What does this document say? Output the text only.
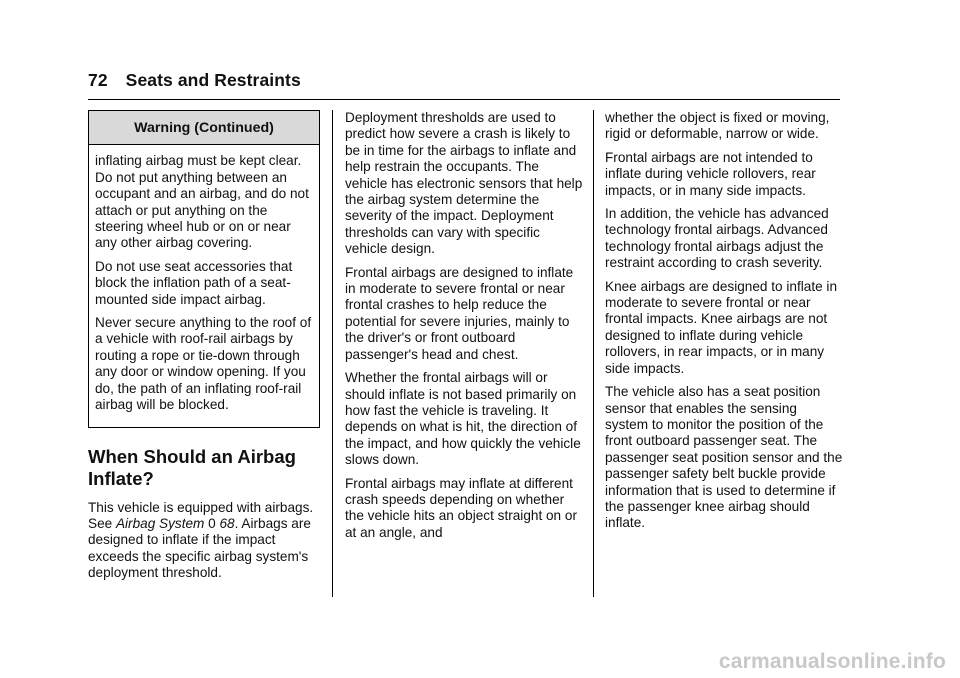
72 Seats and Restraints
Warning (Continued)

inflating airbag must be kept clear. Do not put anything between an occupant and an airbag, and do not attach or put anything on the steering wheel hub or on or near any other airbag covering.

Do not use seat accessories that block the inflation path of a seat-mounted side impact airbag.

Never secure anything to the roof of a vehicle with roof-rail airbags by routing a rope or tie-down through any door or window opening. If you do, the path of an inflating roof-rail airbag will be blocked.

When Should an Airbag Inflate?

This vehicle is equipped with airbags. See Airbag System 0 68. Airbags are designed to inflate if the impact exceeds the specific airbag system's deployment threshold.

Deployment thresholds are used to predict how severe a crash is likely to be in time for the airbags to inflate and help restrain the occupants. The vehicle has electronic sensors that help the airbag system determine the severity of the impact. Deployment thresholds can vary with specific vehicle design.

Frontal airbags are designed to inflate in moderate to severe frontal or near frontal crashes to help reduce the potential for severe injuries, mainly to the driver's or front outboard passenger's head and chest.

Whether the frontal airbags will or should inflate is not based primarily on how fast the vehicle is traveling. It depends on what is hit, the direction of the impact, and how quickly the vehicle slows down.

Frontal airbags may inflate at different crash speeds depending on whether the vehicle hits an object straight on or at an angle, and

whether the object is fixed or moving, rigid or deformable, narrow or wide.

Frontal airbags are not intended to inflate during vehicle rollovers, rear impacts, or in many side impacts.

In addition, the vehicle has advanced technology frontal airbags. Advanced technology frontal airbags adjust the restraint according to crash severity.

Knee airbags are designed to inflate in moderate to severe frontal or near frontal impacts. Knee airbags are not designed to inflate during vehicle rollovers, in rear impacts, or in many side impacts.

The vehicle also has a seat position sensor that enables the sensing system to monitor the position of the front outboard passenger seat. The passenger seat position sensor and the passenger safety belt buckle provide information that is used to determine if the passenger knee airbag should inflate.

carmanualsonline.info
